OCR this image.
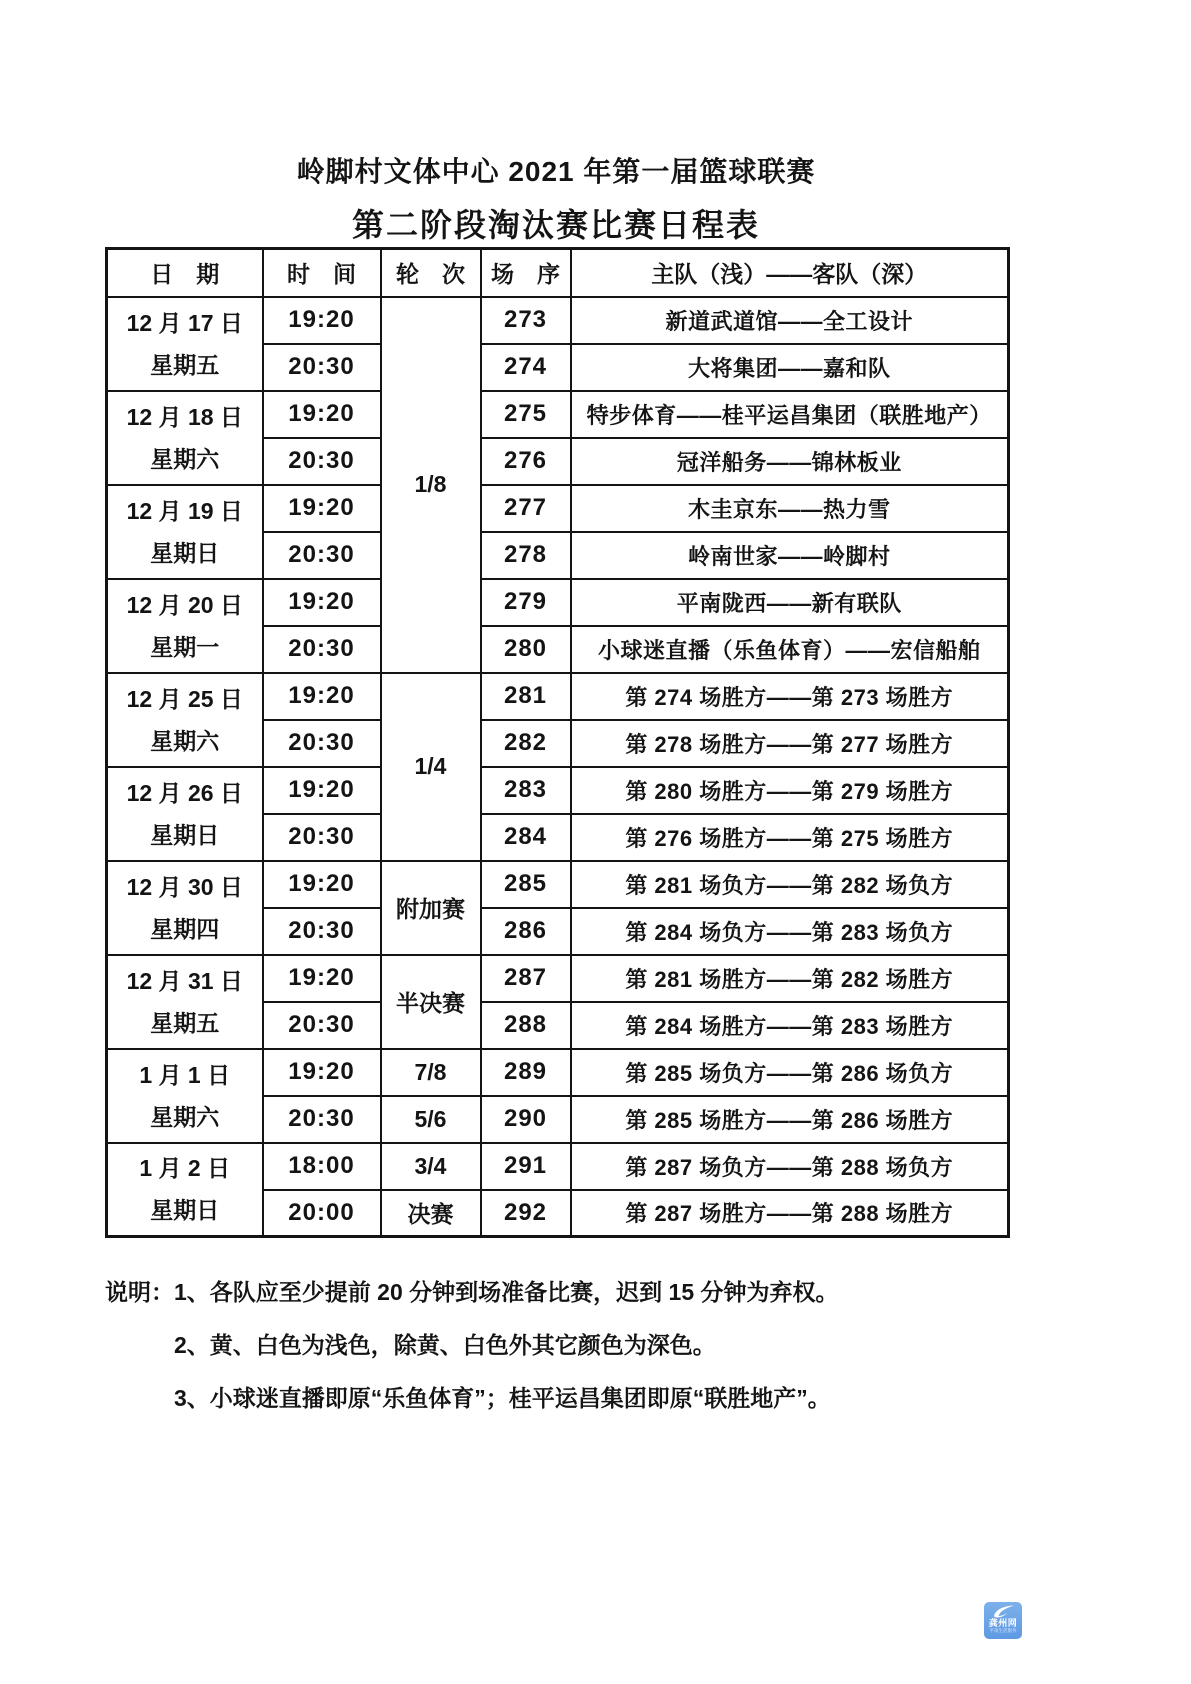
岭脚村文体中心 2021 年第一届篮球联赛
第二阶段淘汰赛比赛日程表
日　期	时　间	轮　次	场　序	主队（浅）——客队（深）

12 月 17 日
星期五	19:20	1/8	273	新道武道馆——全工设计
	20:30		274	大将集团——嘉和队

12 月 18 日
星期六	19:20		275	特步体育——桂平运昌集团（联胜地产）
	20:30		276	冠洋船务——锦林板业

12 月 19 日
星期日	19:20		277	木圭京东——热力雪
	20:30		278	岭南世家——岭脚村

12 月 20 日
星期一	19:20		279	平南陇西——新有联队
	20:30		280	小球迷直播（乐鱼体育）——宏信船舶

12 月 25 日
星期六	19:20	1/4	281	第 274 场胜方——第 273 场胜方
	20:30		282	第 278 场胜方——第 277 场胜方

12 月 26 日
星期日	19:20		283	第 280 场胜方——第 279 场胜方
	20:30		284	第 276 场胜方——第 275 场胜方

12 月 30 日
星期四	19:20	附加赛	285	第 281 场负方——第 282 场负方
	20:30		286	第 284 场负方——第 283 场负方

12 月 31 日
星期五	19:20	半决赛	287	第 281 场胜方——第 282 场胜方
	20:30		288	第 284 场胜方——第 283 场胜方

1 月 1 日
星期六	19:20	7/8	289	第 285 场负方——第 286 场负方
	20:30	5/6	290	第 285 场胜方——第 286 场胜方

1 月 2 日
星期日	18:00	3/4	291	第 287 场负方——第 288 场负方
	20:00	决赛	292	第 287 场胜方——第 288 场胜方
说明：1、各队应至少提前 20 分钟到场准备比赛，迟到 15 分钟为弃权。
2、黄、白色为浅色，除黄、白色外其它颜色为深色。
3、小球迷直播即原“乐鱼体育”；桂平运昌集团即原“联胜地产”。
龚州网
平南生活服务
